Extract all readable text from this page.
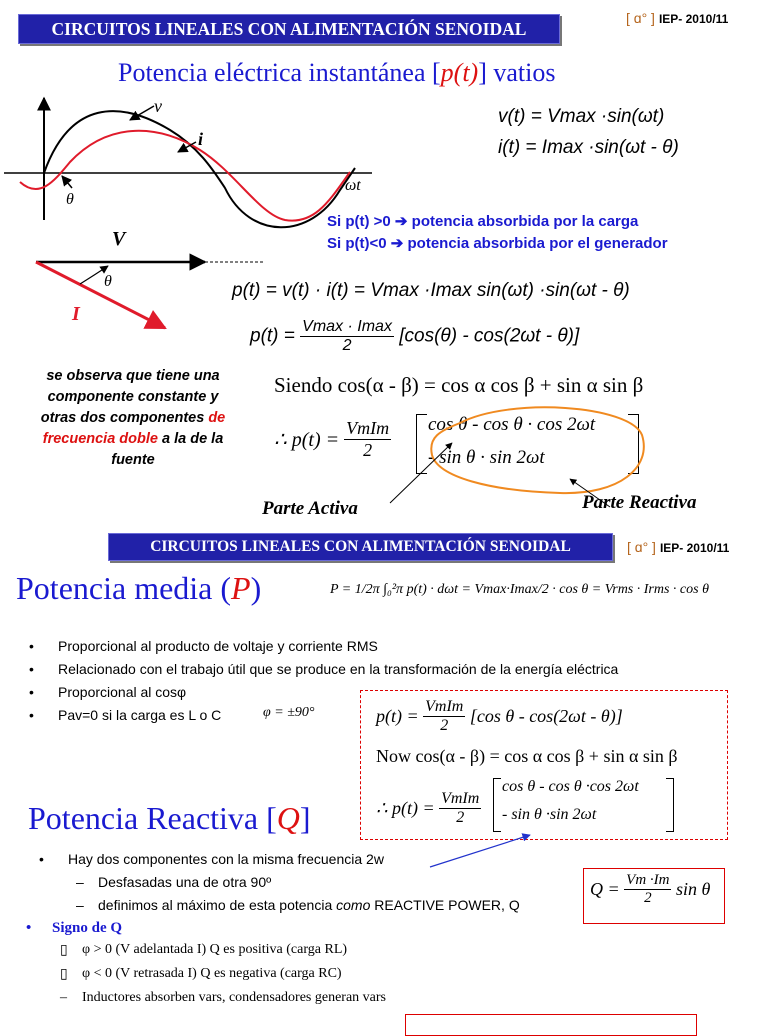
CIRCUITOS LINEALES CON ALIMENTACIÓN SENOIDAL
[ ɑ° ] IEP- 2010/11
Potencia eléctrica instantánea [p(t)] vatios
v(t) = Vmax ·sin(ωt)
i(t) = Imax ·sin(ωt - θ)
v
i
θ
ωt
V
θ
I
Si p(t) >0 ➔ potencia absorbida por la carga
Si p(t)<0 ➔ potencia absorbida por el generador
p(t) = v(t) · i(t) = Vmax ·Imax sin(ωt) ·sin(ωt - θ)
$p(t) = \frac{Vmax \cdot Imax}{2} [\cos(\theta) - \cos(2\omega t - \theta)]$
Siendo cos(α - β) = cos α cos β + sin α sin β
∴ $p(t) = \frac{\text{VmIm}}{2}$ cos θ - cos θ · cos 2ωt
- sin θ · sin 2ωt
se observa que tiene una componente constante y otras dos componentes de frecuencia doble a la de la fuente
Parte Activa	Parte Reactiva
CIRCUITOS LINEALES CON ALIMENTACIÓN SENOIDAL	[ ɑ° ] IEP- 2010/11
Potencia media (P)	P = 1/2π ∫₀²π p(t) · dωt = Vmax·Imax/2 · cos θ = Vrms · Irms · cos θ
• Proporcional al producto de voltaje y corriente RMS
• Relacionado con el trabajo útil que se produce en la transformación de la energía eléctrica
• Proporcional al cosφ
• Pav=0 si la carga es L o C	φ = ±90°	$p(t) = \frac{\text{VmIm}}{2} [\cos$ θ - cos(2ωt - θ)]
Now cos(α - β) = cos α cos β + sin α sin β
∴ $p(t) = \frac{\text{VmIm}}{2}$
cos θ - cos θ ·cos 2ωt
- sin θ ·sin 2ωt
Potencia Reactiva [Q]
• Hay dos componentes con la misma frecuencia 2w
– Desfasadas una de otra 90º
– definimos al máximo de esta potencia como REACTIVE POWER, Q
$Q = \frac{Vm \cdot Im}{2}$ sin θ
• Signo de Q
▯ φ > 0 (V adelantada I) Q es positiva (carga RL)
▯ φ < 0 (V retrasada I) Q es negativa (carga RC)
– Inductores absorben vars, condensadores generan vars
